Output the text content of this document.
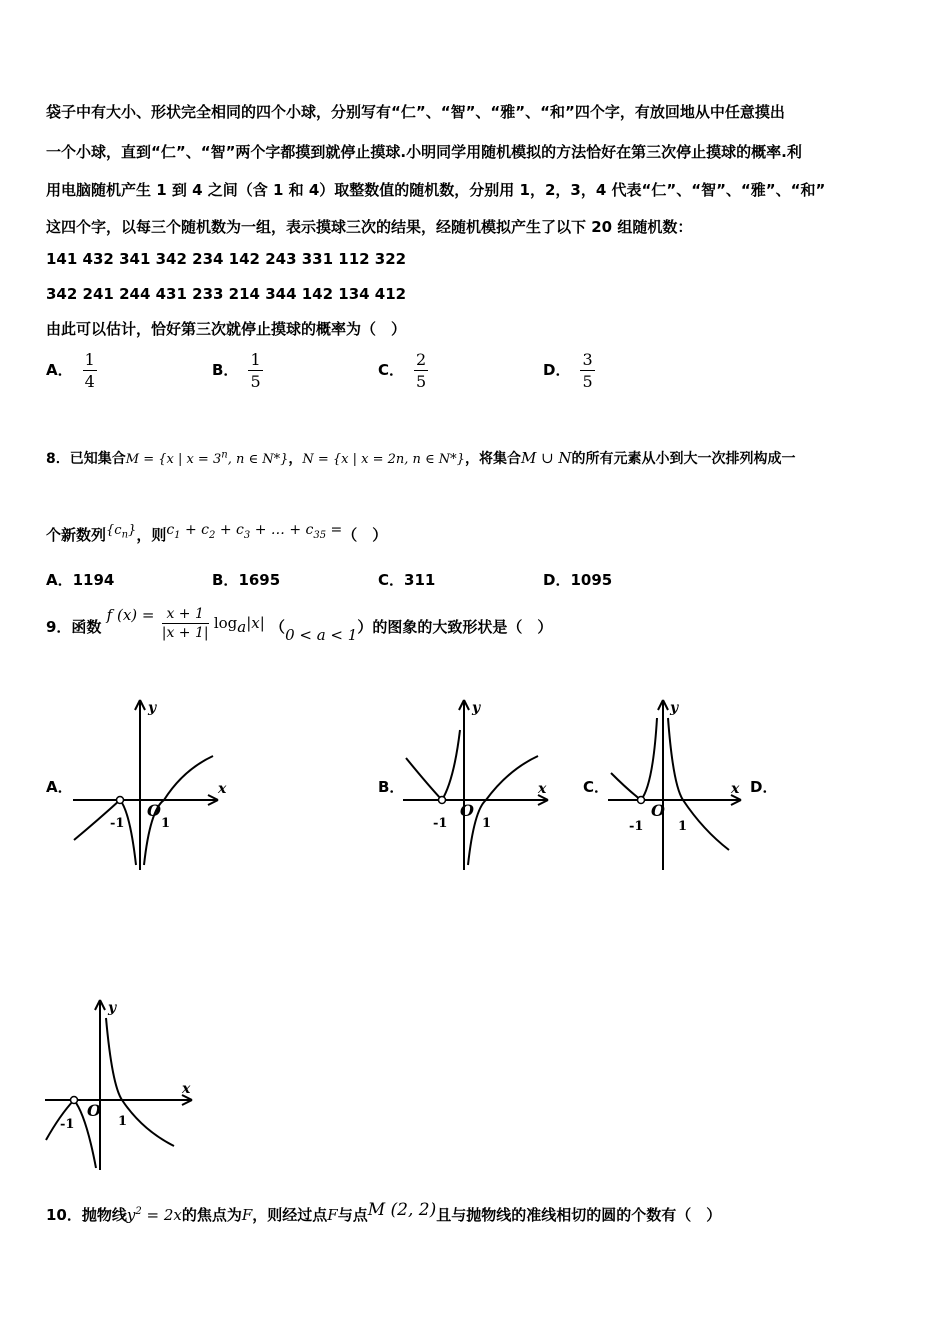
袋子中有大小、形状完全相同的四个小球，分别写有“仁”、“智”、“雅”、“和”四个字，有放回地从中任意摸出
一个小球，直到“仁”、“智”两个字都摸到就停止摸球.小明同学用随机模拟的方法恰好在第三次停止摸球的概率.利
用电脑随机产生 1 到 4 之间（含 1 和 4）取整数值的随机数，分别用 1，2，3，4 代表“仁”、“智”、“雅”、“和”
这四个字，以每三个随机数为一组，表示摸球三次的结果，经随机模拟产生了以下 20 组随机数：
141 432 341 342 234 142 243 331 112 322
342 241 244 431 233 214 344 142 134 412
由此可以估计，恰好第三次就停止摸球的概率为（　）
A． $\frac{1}{4}$	B． $\frac{1}{5}$	C． $\frac{2}{5}$	D． $\frac{3}{5}$
8．已知集合M = {x | $x = 3^n$, n ∈ N*}，N = {x | x = 2n, n ∈ N*}，将集合M ∪ N的所有元素从小到大一次排列构成一
个新数列$\{c_n\}$，则$c_1 + c_2 + c_3$ + … + $c_{35}$ =（　）
A．1194	B．1695	C．311	D．1095
9．函数 f $(x) = \frac{x + 1}{|x + 1|} \log_a|x|$ （0 < a < 1）的图象的大致形状是（　）
A．	B．	C．	D．
O
-1	1
x
y
O
-1	1
x
y
O
-1	1
x
y
O
-1	1
x
y
10．抛物线$y^2 = 2x$的焦点为F，则经过点F与点M (2, 2)且与抛物线的准线相切的圆的个数有（　）
